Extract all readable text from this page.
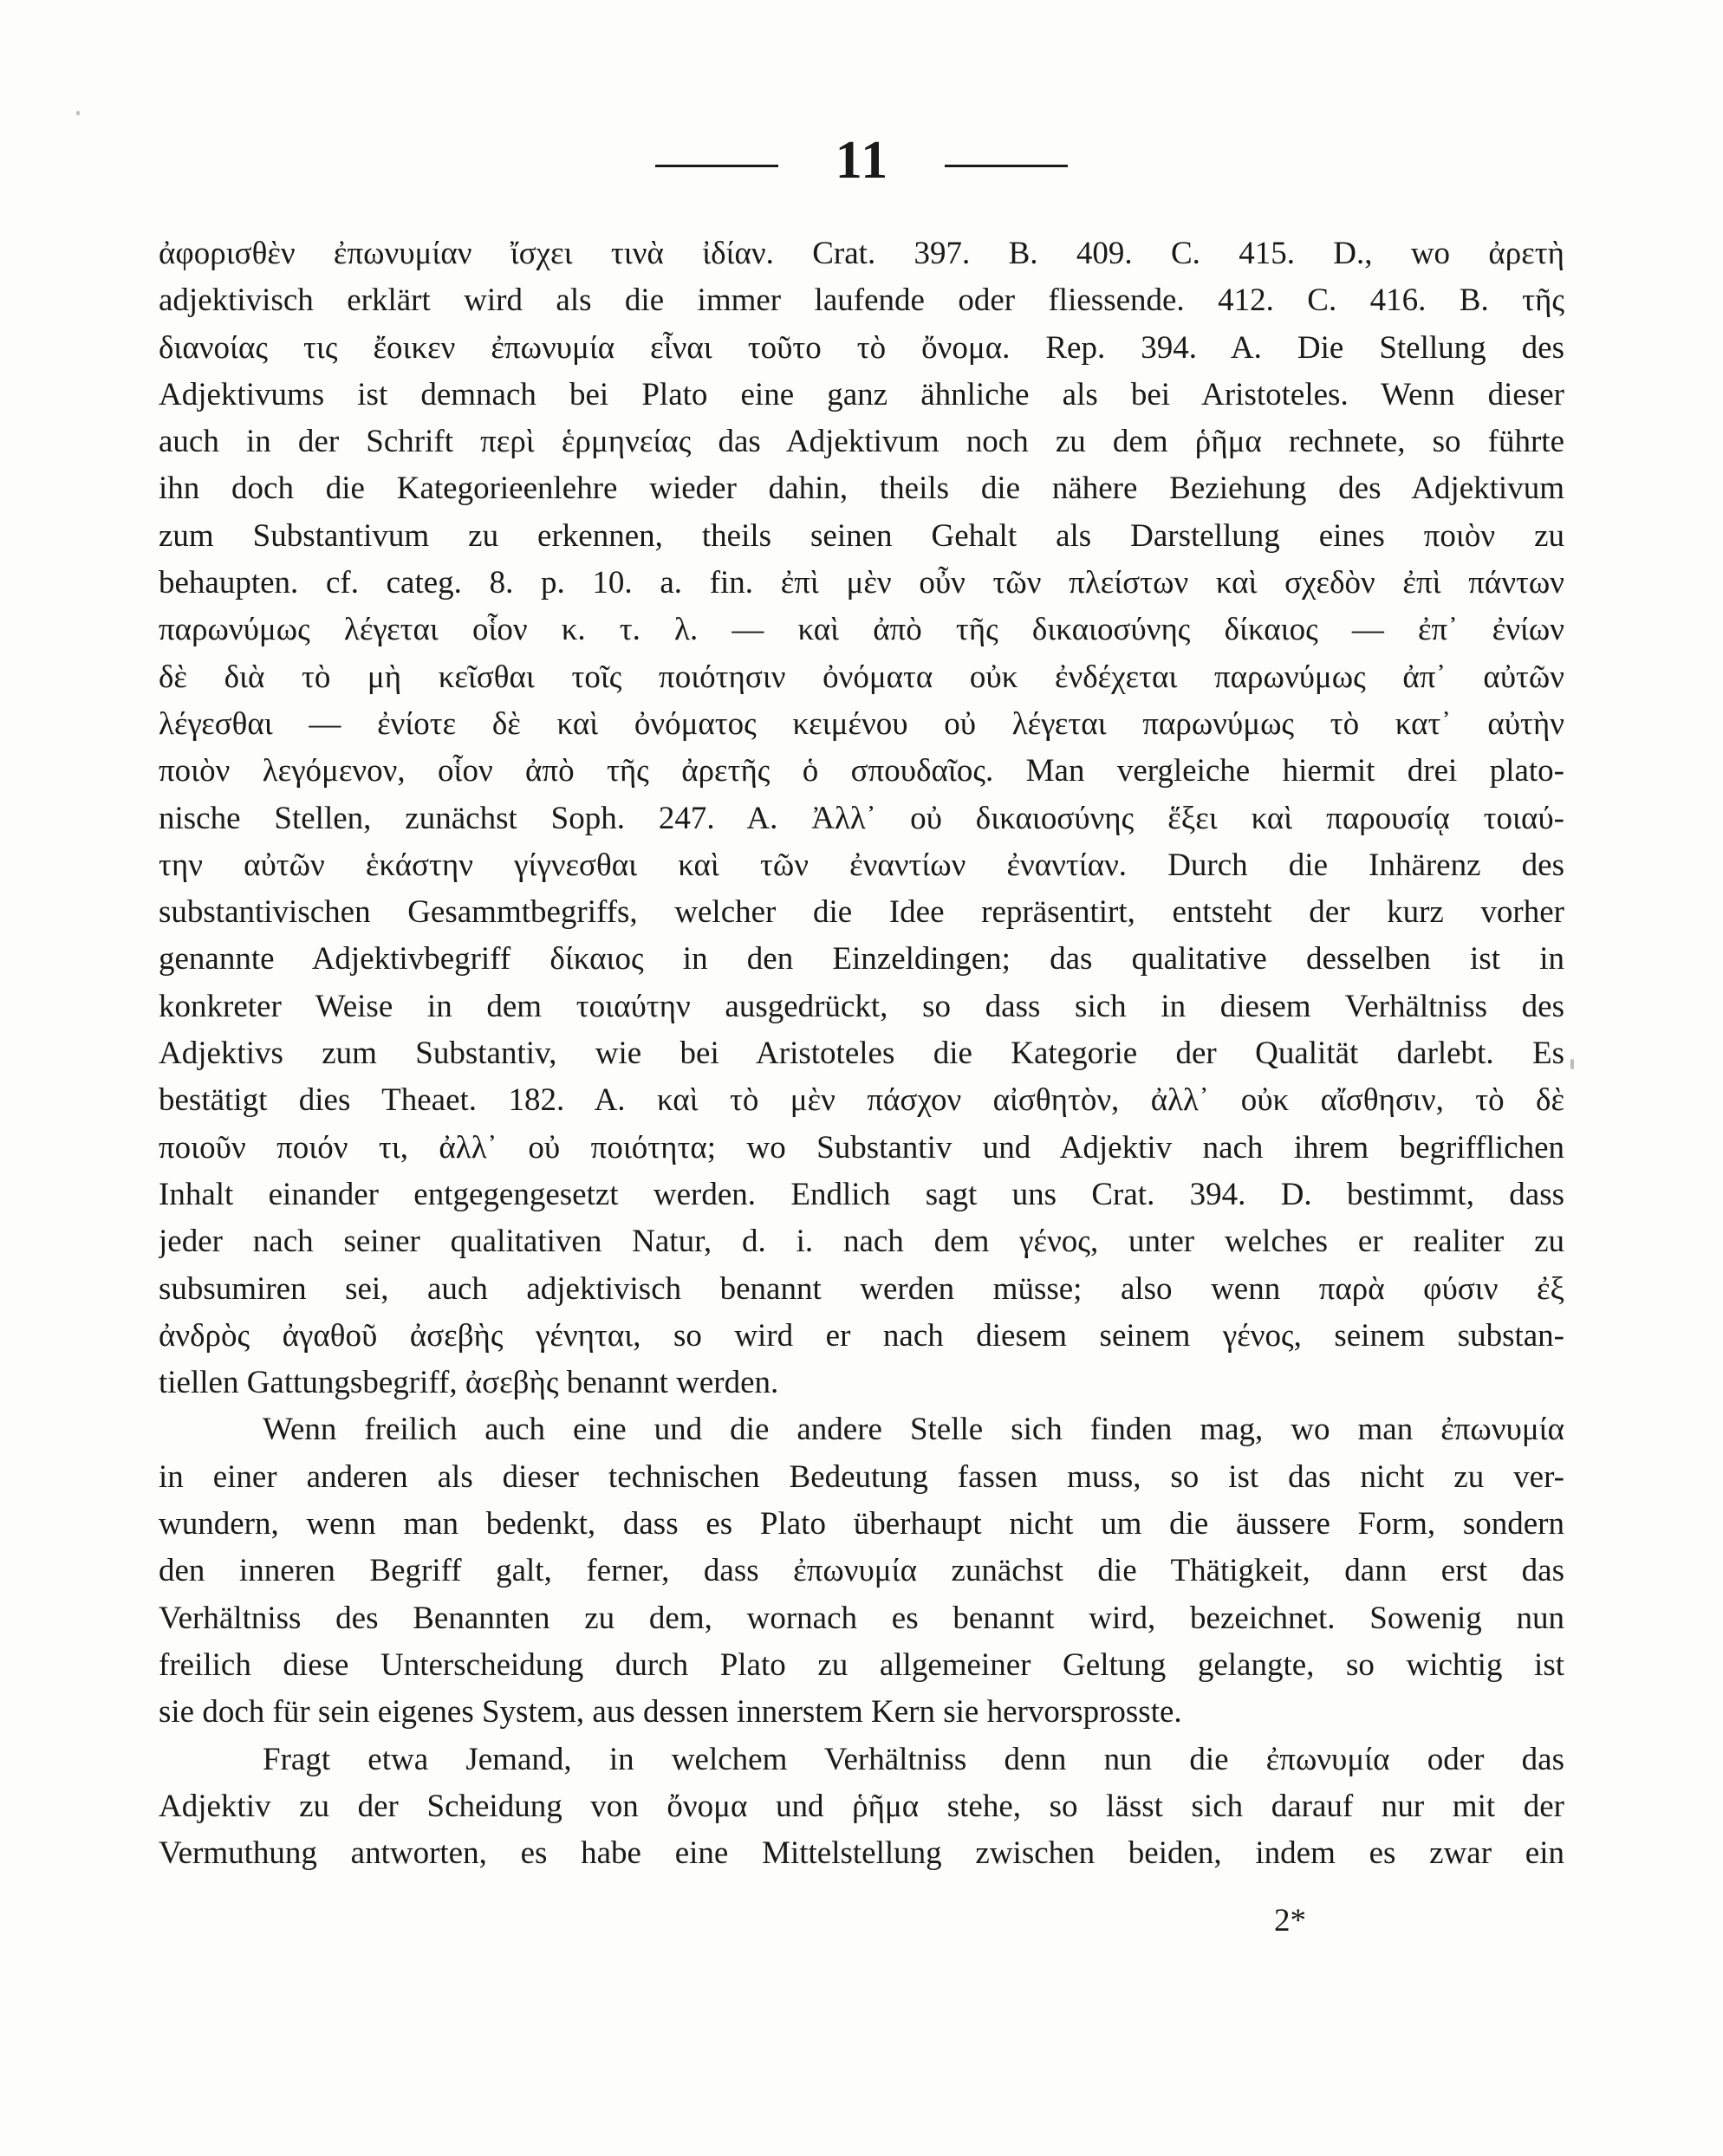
11
ἀφορισθὲν ἐπωνυμίαν ἴσχει τινὰ ἰδίαν. Crat. 397. B. 409. C. 415. D., wo ἀρετὴ
adjektivisch erklärt wird als die immer laufende oder fliessende. 412. C. 416. B. τῆς
διανοίας τις ἔοικεν ἐπωνυμία εἶναι τοῦτο τὸ ὄνομα. Rep. 394. A. Die Stellung des
Adjektivums ist demnach bei Plato eine ganz ähnliche als bei Aristoteles. Wenn dieser
auch in der Schrift περὶ ἑρμηνείας das Adjektivum noch zu dem ῥῆμα rechnete, so führte
ihn doch die Kategorieenlehre wieder dahin, theils die nähere Beziehung des Adjektivum
zum Substantivum zu erkennen, theils seinen Gehalt als Darstellung eines ποιὸν zu
behaupten. cf. categ. 8. p. 10. a. fin. ἐπὶ μὲν οὖν τῶν πλείστων καὶ σχεδὸν ἐπὶ πάντων
παρωνύμως λέγεται οἷον κ. τ. λ. — καὶ ἀπὸ τῆς δικαιοσύνης δίκαιος — ἐπ᾿ ἐνίων
δὲ διὰ τὸ μὴ κεῖσθαι τοῖς ποιότησιν ὀνόματα οὐκ ἐνδέχεται παρωνύμως ἀπ᾿ αὐτῶν
λέγεσθαι — ἐνίοτε δὲ καὶ ὀνόματος κειμένου οὐ λέγεται παρωνύμως τὸ κατ᾿ αὐτὴν
ποιὸν λεγόμενον, οἷον ἀπὸ τῆς ἀρετῆς ὁ σπουδαῖος. Man vergleiche hiermit drei plato-
nische Stellen, zunächst Soph. 247. A. Ἀλλ᾿ οὐ δικαιοσύνης ἕξει καὶ παρουσίᾳ τοιαύ-
την αὐτῶν ἑκάστην γίγνεσθαι καὶ τῶν ἐναντίων ἐναντίαν. Durch die Inhärenz des
substantivischen Gesammtbegriffs, welcher die Idee repräsentirt, entsteht der kurz vorher
genannte Adjektivbegriff δίκαιος in den Einzeldingen; das qualitative desselben ist in
konkreter Weise in dem τοιαύτην ausgedrückt, so dass sich in diesem Verhältniss des
Adjektivs zum Substantiv, wie bei Aristoteles die Kategorie der Qualität darlebt. Es
bestätigt dies Theaet. 182. A. καὶ τὸ μὲν πάσχον αἰσθητὸν, ἀλλ᾿ οὐκ αἴσθησιν, τὸ δὲ
ποιοῦν ποιόν τι, ἀλλ᾿ οὐ ποιότητα; wo Substantiv und Adjektiv nach ihrem begrifflichen
Inhalt einander entgegengesetzt werden. Endlich sagt uns Crat. 394. D. bestimmt, dass
jeder nach seiner qualitativen Natur, d. i. nach dem γένος, unter welches er realiter zu
subsumiren sei, auch adjektivisch benannt werden müsse; also wenn παρὰ φύσιν ἐξ
ἀνδρὸς ἀγαθοῦ ἀσεβὴς γένηται, so wird er nach diesem seinem γένος, seinem substan-
tiellen Gattungsbegriff, ἀσεβὴς benannt werden.
Wenn freilich auch eine und die andere Stelle sich finden mag, wo man ἐπωνυμία
in einer anderen als dieser technischen Bedeutung fassen muss, so ist das nicht zu ver-
wundern, wenn man bedenkt, dass es Plato überhaupt nicht um die äussere Form, sondern
den inneren Begriff galt, ferner, dass ἐπωνυμία zunächst die Thätigkeit, dann erst das
Verhältniss des Benannten zu dem, wornach es benannt wird, bezeichnet. Sowenig nun
freilich diese Unterscheidung durch Plato zu allgemeiner Geltung gelangte, so wichtig ist
sie doch für sein eigenes System, aus dessen innerstem Kern sie hervorsprosste.
Fragt etwa Jemand, in welchem Verhältniss denn nun die ἐπωνυμία oder das
Adjektiv zu der Scheidung von ὄνομα und ῥῆμα stehe, so lässt sich darauf nur mit der
Vermuthung antworten, es habe eine Mittelstellung zwischen beiden, indem es zwar ein
2*
